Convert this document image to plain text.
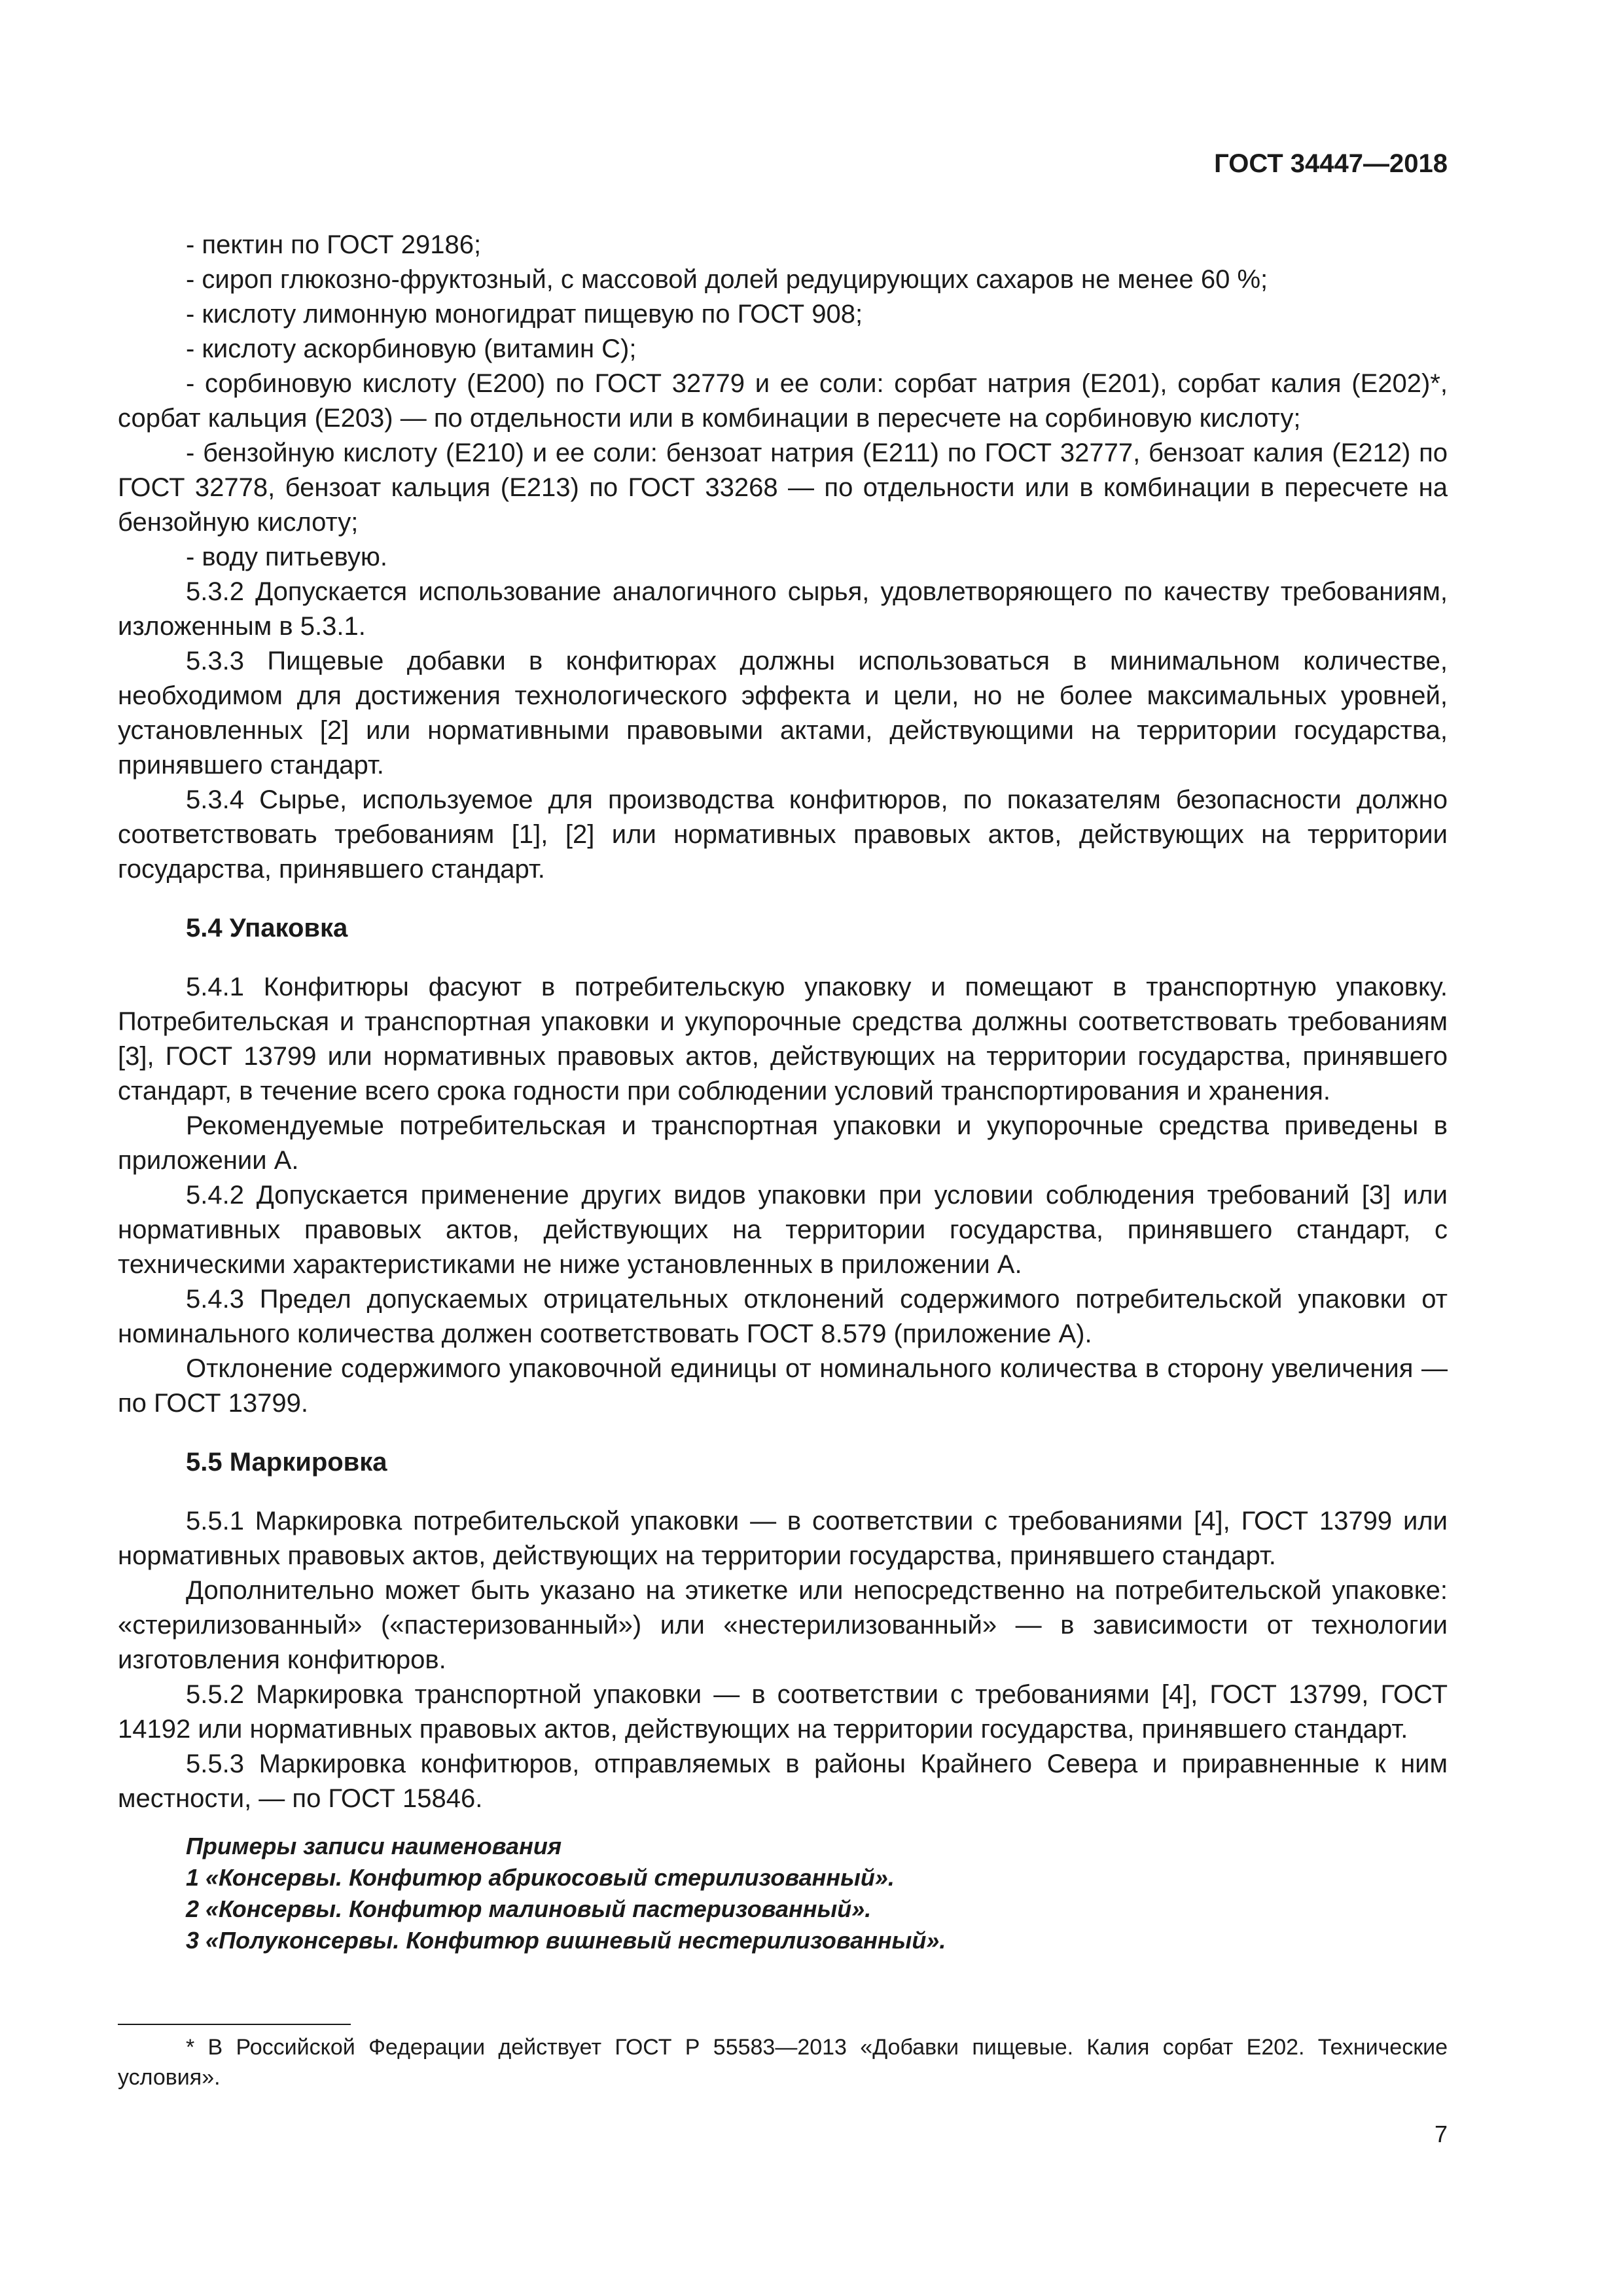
ГОСТ 34447—2018

- пектин по ГОСТ 29186;

- сироп глюкозно-фруктозный, с массовой долей редуцирующих сахаров не менее 60 %;

- кислоту лимонную моногидрат пищевую по ГОСТ 908;

- кислоту аскорбиновую (витамин С);

- сорбиновую кислоту (Е200) по ГОСТ 32779 и ее соли: сорбат натрия (Е201), сорбат калия (Е202)*, сорбат кальция (Е203) — по отдельности или в комбинации в пересчете на сорбиновую кислоту;

- бензойную кислоту (Е210) и ее соли: бензоат натрия (Е211) по ГОСТ 32777, бензоат калия (Е212) по ГОСТ 32778, бензоат кальция (Е213) по ГОСТ 33268 — по отдельности или в комбинации в пересчете на бензойную кислоту;

- воду питьевую.

5.3.2 Допускается использование аналогичного сырья, удовлетворяющего по качеству требованиям, изложенным в 5.3.1.

5.3.3 Пищевые добавки в конфитюрах должны использоваться в минимальном количестве, необходимом для достижения технологического эффекта и цели, но не более максимальных уровней, установленных [2] или нормативными правовыми актами, действующими на территории государства, принявшего стандарт.

5.3.4 Сырье, используемое для производства конфитюров, по показателям безопасности должно соответствовать требованиям [1], [2] или нормативных правовых актов, действующих на территории государства, принявшего стандарт.

5.4 Упаковка

5.4.1 Конфитюры фасуют в потребительскую упаковку и помещают в транспортную упаковку. Потребительская и транспортная упаковки и укупорочные средства должны соответствовать требованиям [3], ГОСТ 13799 или нормативных правовых актов, действующих на территории государства, принявшего стандарт, в течение всего срока годности при соблюдении условий транспортирования и хранения.

Рекомендуемые потребительская и транспортная упаковки и укупорочные средства приведены в приложении А.

5.4.2 Допускается применение других видов упаковки при условии соблюдения требований [3] или нормативных правовых актов, действующих на территории государства, принявшего стандарт, с техническими характеристиками не ниже установленных в приложении А.

5.4.3 Предел допускаемых отрицательных отклонений содержимого потребительской упаковки от номинального количества должен соответствовать ГОСТ 8.579 (приложение А).

Отклонение содержимого упаковочной единицы от номинального количества в сторону увеличения — по ГОСТ 13799.

5.5 Маркировка

5.5.1 Маркировка потребительской упаковки — в соответствии с требованиями [4], ГОСТ 13799 или нормативных правовых актов, действующих на территории государства, принявшего стандарт.

Дополнительно может быть указано на этикетке или непосредственно на потребительской упаковке: «стерилизованный» («пастеризованный») или «нестерилизованный» — в зависимости от технологии изготовления конфитюров.

5.5.2 Маркировка транспортной упаковки — в соответствии с требованиями [4], ГОСТ 13799, ГОСТ 14192 или нормативных правовых актов, действующих на территории государства, принявшего стандарт.

5.5.3 Маркировка конфитюров, отправляемых в районы Крайнего Севера и приравненные к ним местности, — по ГОСТ 15846.

Примеры записи наименования
1 «Консервы. Конфитюр абрикосовый стерилизованный».
2 «Консервы. Конфитюр малиновый пастеризованный».
3 «Полуконсервы. Конфитюр вишневый нестерилизованный».
* В Российской Федерации действует ГОСТ Р 55583—2013 «Добавки пищевые. Калия сорбат Е202. Технические условия».
7
